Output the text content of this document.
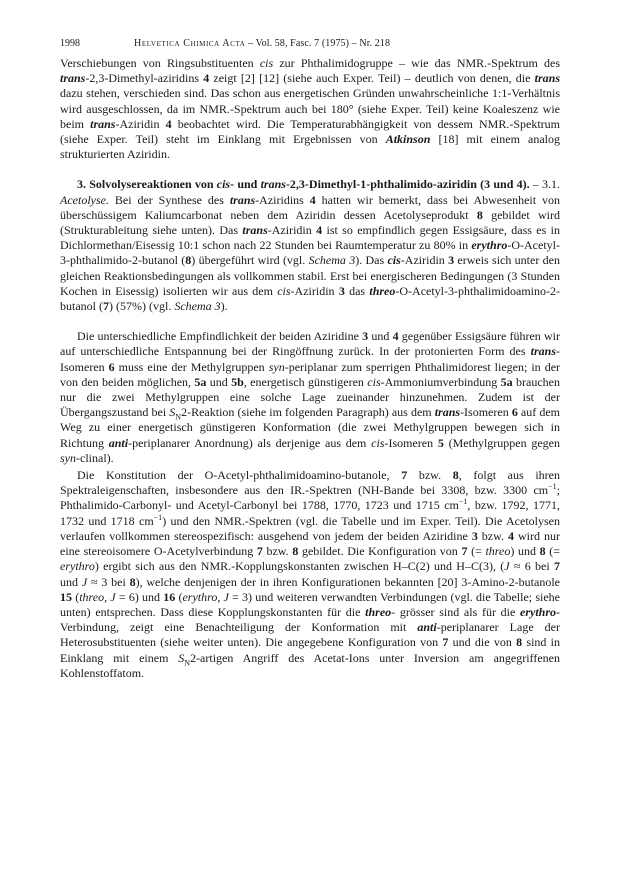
1998	Helvetica Chimica Acta – Vol. 58, Fasc. 7 (1975) – Nr. 218

Verschiebungen von Ringsubstituenten cis zur Phthalimidogruppe – wie das NMR.-Spektrum des trans-2,3-Dimethyl-aziridins 4 zeigt [2] [12] (siehe auch Exper. Teil) – deutlich von denen, die trans dazu stehen, verschieden sind. Das schon aus energetischen Gründen unwahrscheinliche 1:1-Verhältnis wird ausgeschlossen, da im NMR.-Spektrum auch bei 180° (siehe Exper. Teil) keine Koaleszenz wie beim trans-Aziridin 4 beobachtet wird. Die Temperaturabhängigkeit von dessem NMR.-Spektrum (siehe Exper. Teil) steht im Einklang mit Ergebnissen von Atkinson [18] mit einem analog strukturierten Aziridin.

3. Solvolysereaktionen von cis- und trans-2,3-Dimethyl-1-phthalimido-aziridin (3 und 4). – 3.1. Acetolyse. Bei der Synthese des trans-Aziridins 4 hatten wir bemerkt, dass bei Abwesenheit von überschüssigem Kaliumcarbonat neben dem Aziridin dessen Acetolyseprodukt 8 gebildet wird (Strukturableitung siehe unten). Das trans-Aziridin 4 ist so empfindlich gegen Essigsäure, dass es in Dichlormethan/Eisessig 10:1 schon nach 22 Stunden bei Raumtemperatur zu 80% in erythro-O-Acetyl-3-phthalimido-2-butanol (8) übergeführt wird (vgl. Schema 3). Das cis-Aziridin 3 erweis sich unter den gleichen Reaktionsbedingungen als vollkommen stabil. Erst bei energischeren Bedingungen (3 Stunden Kochen in Eisessig) isolierten wir aus dem cis-Aziridin 3 das threo-O-Acetyl-3-phthalimidoamino-2-butanol (7) (57%) (vgl. Schema 3).

Die unterschiedliche Empfindlichkeit der beiden Aziridine 3 und 4 gegenüber Essigsäure führen wir auf unterschiedliche Entspannung bei der Ringöffnung zurück. In der protonierten Form des trans-Isomeren 6 muss eine der Methylgruppen syn-periplanar zum sperrigen Phthalimidorest liegen; in der von den beiden möglichen, 5a und 5b, energetisch günstigeren cis-Ammoniumverbindung 5a brauchen nur die zwei Methylgruppen eine solche Lage zueinander hinzunehmen. Zudem ist der Übergangszustand bei $S_N2$-Reaktion (siehe im folgenden Paragraph) aus dem trans-Isomeren 6 auf dem Weg zu einer energetisch günstigeren Konformation (die zwei Methylgruppen bewegen sich in Richtung anti-periplanarer Anordnung) als derjenige aus dem cis-Isomeren 5 (Methylgruppen gegen syn-clinal).

Die Konstitution der O-Acetyl-phthalimidoamino-butanole, 7 bzw. 8, folgt aus ihren Spektraleigenschaften, insbesondere aus den IR.-Spektren (NH-Bande bei 3308, bzw. 3300 $cm^{-1}$; Phthalimido-Carbonyl- und Acetyl-Carbonyl bei 1788, 1770, 1723 und 1715 $cm^{-1}$, bzw. 1792, 1771, 1732 und 1718 $cm^{-1}$) und den NMR.-Spektren (vgl. die Tabelle und im Exper. Teil). Die Acetolysen verlaufen vollkommen stereospezifisch: ausgehend von jedem der beiden Aziridine 3 bzw. 4 wird nur eine stereoisomere O-Acetylverbindung 7 bzw. 8 gebildet. Die Konfiguration von 7 (= threo) und 8 (= erythro) ergibt sich aus den NMR.-Kopplungskonstanten zwischen H–C(2) und H–C(3), (J ≈ 6 bei 7 und J ≈ 3 bei 8), welche denjenigen der in ihren Konfigurationen bekannten [20] 3-Amino-2-butanole 15 (threo, J = 6) und 16 (erythro, J = 3) und weiteren verwandten Verbindungen (vgl. die Tabelle; siehe unten) entsprechen. Dass diese Kopplungskonstanten für die threo- grösser sind als für die erythro-Verbindung, zeigt eine Benachteiligung der Konformation mit anti-periplanarer Lage der Heterosubstituenten (siehe weiter unten). Die angegebene Konfiguration von 7 und die von 8 sind in Einklang mit einem $S_N2$-artigen Angriff des Acetat-Ions unter Inversion am angegriffenen Kohlenstoffatom.
